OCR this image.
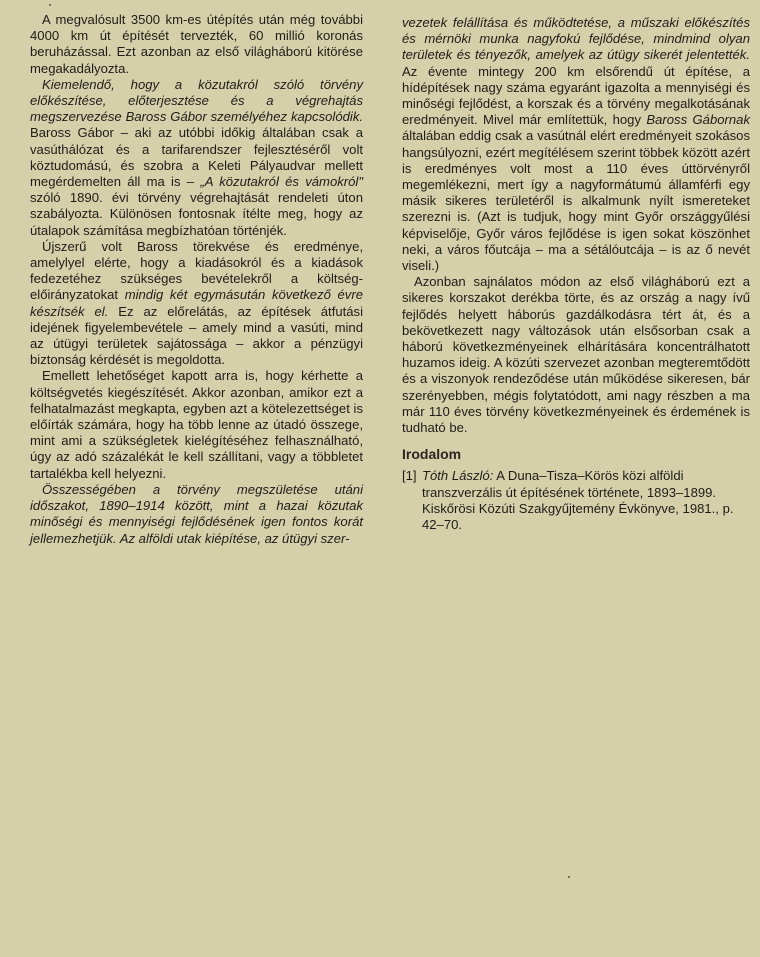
A megvalósult 3500 km-es útépítés után még további 4000 km út építését tervezték, 60 millió koronás beruházással. Ezt azonban az első világháború kitörése megakadályozta.

Kiemelendő, hogy a közutakról szóló törvény előkészítése, előterjesztése és a végrehajtás megszervezése Baross Gábor személyéhez kapcsolódik. Baross Gábor – aki az utóbbi időkig általában csak a vasúthálózat és a tarifarendszer fejlesztéséről volt köztudomású, és szobra a Keleti Pályaudvar mellett megérdemelten áll ma is – „A közutakról és vámokról" szóló 1890. évi törvény végrehajtását rendeleti úton szabályozta. Különösen fontosnak ítélte meg, hogy az útalapok számítása megbízhatóan történjék.

Újszerű volt Baross törekvése és eredménye, amelylyel elérte, hogy a kiadásokról és a kiadások fedezetéhez szükséges bevételekről a költség-előirányzatokat mindig két egymásután következő évre készítsék el. Ez az előrelátás, az építések átfutási idejének figyelembevétele – amely mind a vasúti, mind az útügyi területek sajátossága – akkor a pénzügyi biztonság kérdését is megoldotta.

Emellett lehetőséget kapott arra is, hogy kérhette a költségvetés kiegészítését. Akkor azonban, amikor ezt a felhatalmazást megkapta, egyben azt a kötelezettséget is előírták számára, hogy ha több lenne az útadó összege, mint ami a szükségletek kielégítéséhez felhasználható, úgy az adó százalékát le kell szállítani, vagy a többletet tartalékba kell helyezni.

Összességében a törvény megszületése utáni időszakot, 1890–1914 között, mint a hazai közutak minőségi és mennyiségi fejlődésének igen fontos korát jellemezhetjük. Az alföldi utak kiépítése, az útügyi szer-

vezetek felállítása és működtetése, a műszaki előkészítés és mérnöki munka nagyfokú fejlődése, mindmind olyan területek és tényezők, amelyek az útügy sikerét jelentették. Az évente mintegy 200 km elsőrendű út építése, a hídépítések nagy száma egyaránt igazolta a mennyiségi és minőségi fejlődést, a korszak és a törvény megalkotásának eredményeit. Mivel már említettük, hogy Baross Gábornak általában eddig csak a vasútnál elért eredményeit szokásos hangsúlyozni, ezért megítélésem szerint többek között azért is eredményes volt most a 110 éves úttörvényről megemlékezni, mert így a nagyformátumú államférfi egy másik sikeres területéről is alkalmunk nyílt ismereteket szerezni is. (Azt is tudjuk, hogy mint Győr országgyűlési képviselője, Győr város fejlődése is igen sokat köszönhet neki, a város főutcája – ma a sétálóutcája – is az ő nevét viseli.)

Azonban sajnálatos módon az első világháború ezt a sikeres korszakot derékba törte, és az ország a nagy ívű fejlődés helyett háborús gazdálkodásra tért át, és a bekövetkezett nagy változások után elsősorban csak a háború következményeinek elhárítására koncentrálhatott huzamos ideig. A közúti szervezet azonban megteremtődött és a viszonyok rendeződése után működése sikeresen, bár szerényebben, mégis folytatódott, ami nagy részben a ma már 110 éves törvény következményeinek és érdemének is tudható be.

Irodalom

[1] Tóth László: A Duna–Tisza–Körös közi alföldi transzverzális út építésének története, 1893–1899. Kiskőrösi Közúti Szakgyűjtemény Évkönyve, 1981., p. 42–70.
